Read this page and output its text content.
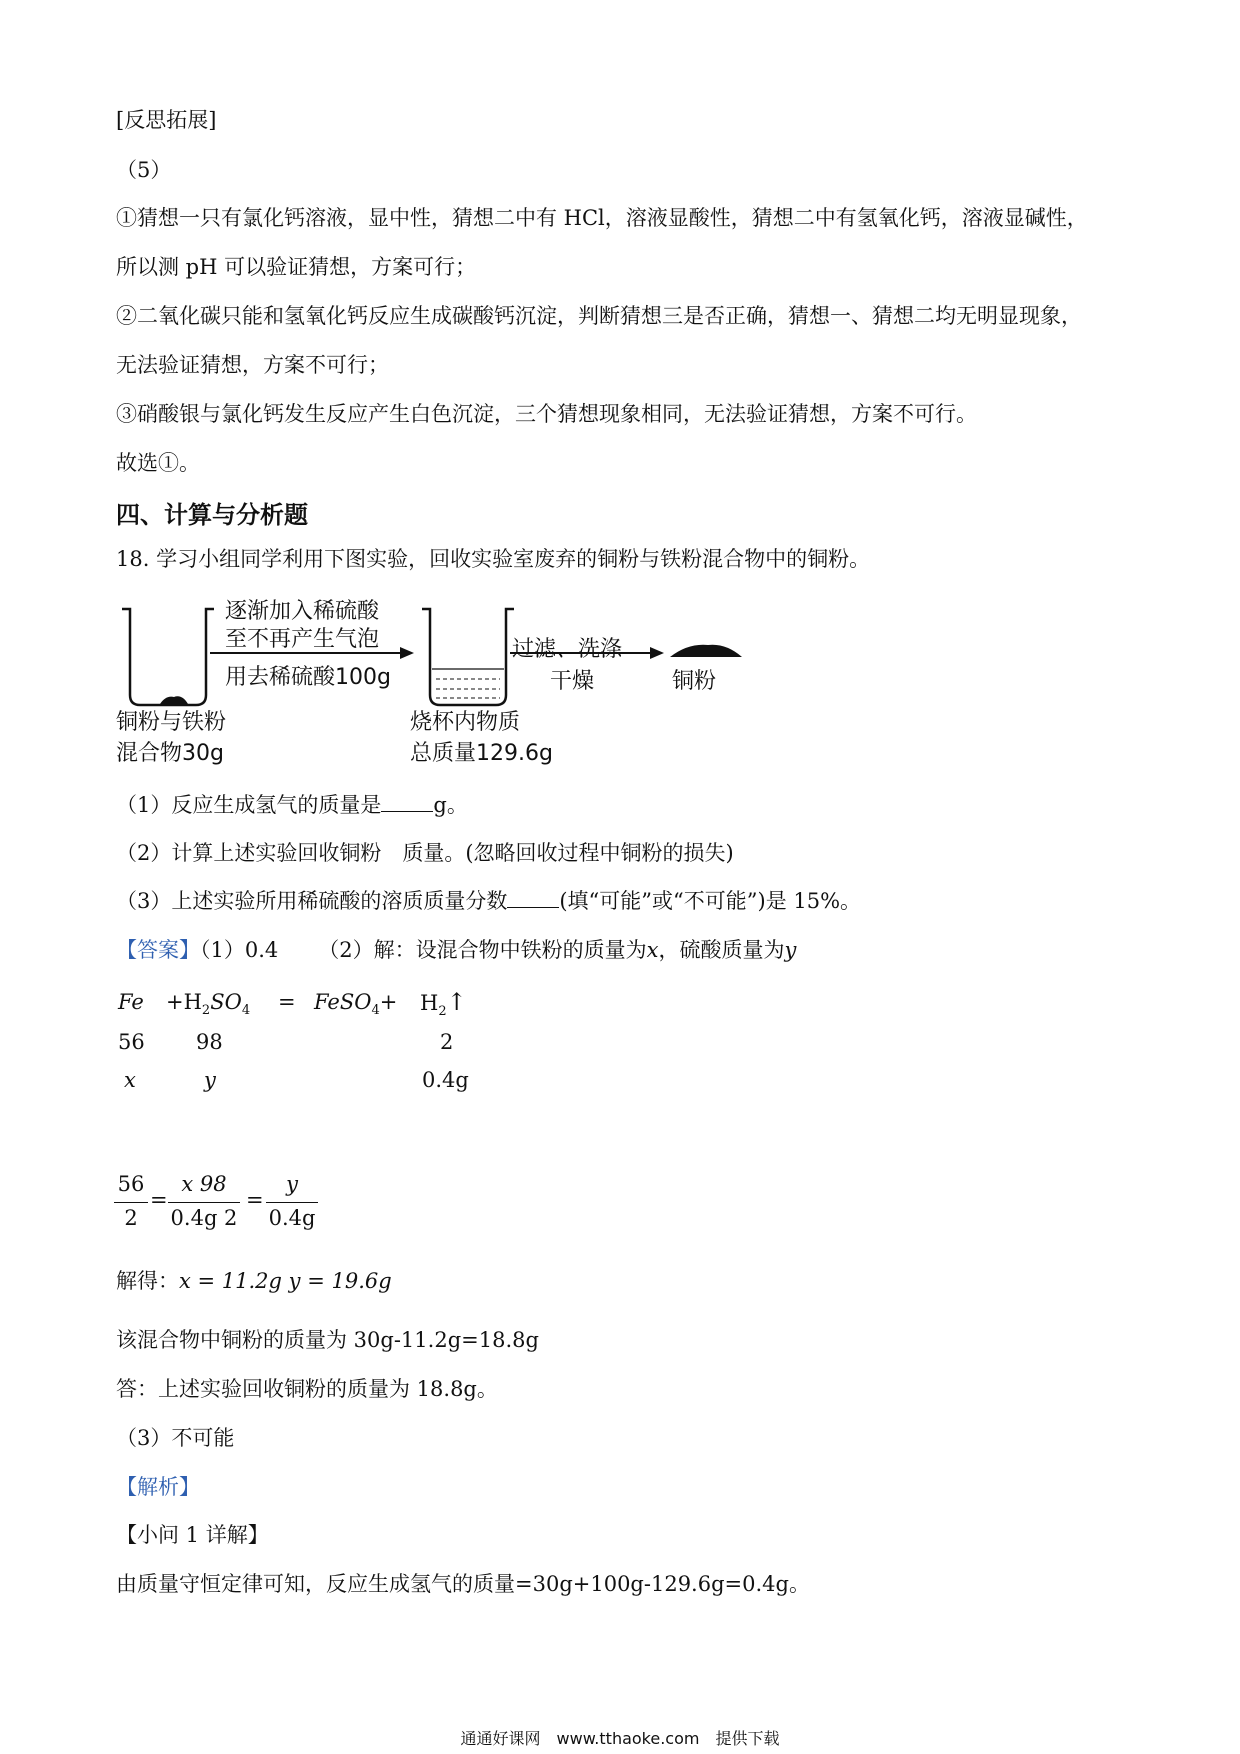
[反思拓展]
（5）
①猜想一只有氯化钙溶液，显中性，猜想二中有 HCl，溶液显酸性，猜想二中有氢氧化钙，溶液显碱性，
所以测 pH 可以验证猜想，方案可行；
②二氧化碳只能和氢氧化钙反应生成碳酸钙沉淀，判断猜想三是否正确，猜想一、猜想二均无明显现象，
无法验证猜想，方案不可行；
③硝酸银与氯化钙发生反应产生白色沉淀，三个猜想现象相同，无法验证猜想，方案不可行。
故选①。
四、计算与分析题
18. 学习小组同学利用下图实验，回收实验室废弃的铜粉与铁粉混合物中的铜粉。
逐渐加入稀硫酸
至不再产生气泡
用去稀硫酸100g
过滤、洗涤
干燥	铜粉
铜粉与铁粉
混合物30g
烧杯内物质
总质量129.6g
（1）反应生成氢气的质量是 g。
（2）计算上述实验回收铜粉　质量。(忽略回收过程中铜粉的损失)
（3）上述实验所用稀硫酸的溶质质量分数 (填“可能”或“不可能”)是 15%。
【答案】（1）0.4 （2）解：设混合物中铁粉的质量为x，硫酸质量为y
$Fe +H_2SO_4$ = FeSO$_4$+ $H_2↑$
56 98	2
x	y	0.4g
56
2
=
x 98
0.4g 2
=
y
0.4g
解得：x = 11.2g y = 19.6g
该混合物中铜粉的质量为 30g-11.2g=18.8g
答：上述实验回收铜粉的质量为 18.8g。
（3）不可能
【解析】
【小问 1 详解】
由质量守恒定律可知，反应生成氢气的质量=30g+100g-129.6g=0.4g。
通通好课网　www.tthaoke.com　提供下载
